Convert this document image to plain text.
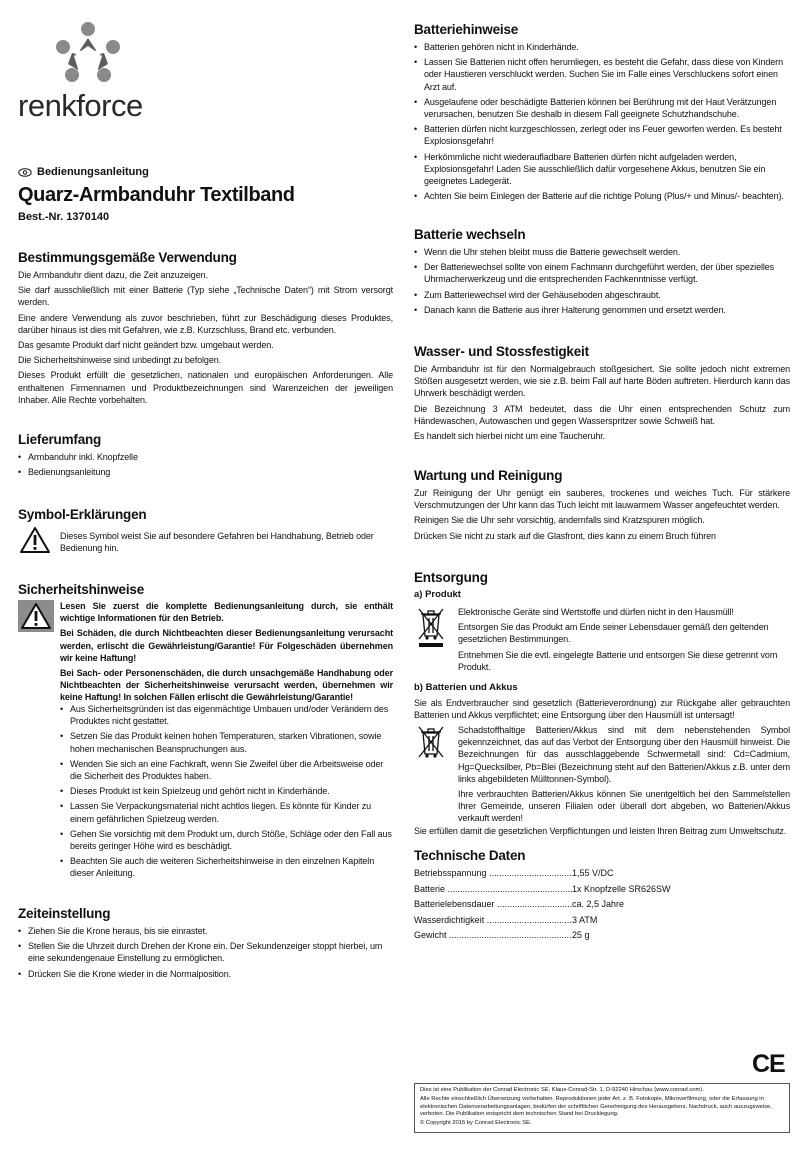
renkforce
Bedienungsanleitung
Quarz-Armbanduhr Textilband
Best.-Nr. 1370140
Bestimmungsgemäße Verwendung

Die Armbanduhr dient dazu, die Zeit anzuzeigen.

Sie darf ausschließlich mit einer Batterie (Typ siehe „Technische Daten“) mit Strom versorgt werden.

Eine andere Verwendung als zuvor beschrieben, führt zur Beschädigung dieses Produktes, darüber hinaus ist dies mit Gefahren, wie z.B. Kurzschluss, Brand etc. verbunden.

Das gesamte Produkt darf nicht geändert bzw. umgebaut werden.

Die Sicherheitshinweise sind unbedingt zu befolgen.

Dieses Produkt erfüllt die gesetzlichen, nationalen und europäischen Anforderungen. Alle enthaltenen Firmennamen und Produktbezeichnungen sind Warenzeichen der jeweiligen Inhaber. Alle Rechte vorbehalten.

Lieferumfang
• Armbanduhr inkl. Knopfzelle
• Bedienungsanleitung
Symbol-Erklärungen
Dieses Symbol weist Sie auf besondere Gefahren bei Handhabung, Betrieb oder Bedienung hin.
Sicherheitshinweise

Lesen Sie zuerst die komplette Bedienungsanleitung durch, sie enthält wichtige Informationen für den Betrieb.

Bei Schäden, die durch Nichtbeachten dieser Bedienungsanleitung verursacht werden, erlischt die Gewährleistung/Garantie! Für Folgeschäden übernehmen wir keine Haftung!

Bei Sach- oder Personenschäden, die durch unsachgemäße Handhabung oder Nichtbeachten der Sicherheitshinweise verursacht werden, übernehmen wir keine Haftung! In solchen Fällen erlischt die Gewährleistung/Garantie!

• Aus Sicherheitsgründen ist das eigenmächtige Umbauen und/oder Verändern des Produktes nicht gestattet.
• Setzen Sie das Produkt keinen hohen Temperaturen, starken Vibrationen, sowie hohen mechanischen Beanspruchungen aus.
• Wenden Sie sich an eine Fachkraft, wenn Sie Zweifel über die Arbeitsweise oder die Sicherheit des Produktes haben.
• Dieses Produkt ist kein Spielzeug und gehört nicht in Kinderhände.
• Lassen Sie Verpackungsmaterial nicht achtlos liegen. Es könnte für Kinder zu einem gefährlichen Spielzeug werden.
• Gehen Sie vorsichtig mit dem Produkt um, durch Stöße, Schläge oder den Fall aus bereits geringer Höhe wird es beschädigt.
• Beachten Sie auch die weiteren Sicherheitshinweise in den einzelnen Kapiteln dieser Anleitung.
Zeiteinstellung
• Ziehen Sie die Krone heraus, bis sie einrastet.
• Stellen Sie die Uhrzeit durch Drehen der Krone ein. Der Sekundenzeiger stoppt hierbei, um eine sekundengenaue Einstellung zu ermöglichen.
• Drücken Sie die Krone wieder in die Normalposition.
Batteriehinweise
• Batterien gehören nicht in Kinderhände.
• Lassen Sie Batterien nicht offen herumliegen, es besteht die Gefahr, dass diese von Kindern oder Haustieren verschluckt werden. Suchen Sie im Falle eines Verschluckens sofort einen Arzt auf.
• Ausgelaufene oder beschädigte Batterien können bei Berührung mit der Haut Verätzungen verursachen, benutzen Sie deshalb in diesem Fall geeignete Schutzhandschuhe.
• Batterien dürfen nicht kurzgeschlossen, zerlegt oder ins Feuer geworfen werden. Es besteht Explosionsgefahr!
• Herkömmliche nicht wiederaufladbare Batterien dürfen nicht aufgeladen werden, Explosionsgefahr! Laden Sie ausschließlich dafür vorgesehene Akkus, benutzen Sie ein geeignetes Ladegerät.
• Achten Sie beim Einlegen der Batterie auf die richtige Polung (Plus/+ und Minus/- beachten).
Batterie wechseln
• Wenn die Uhr stehen bleibt muss die Batterie gewechselt werden.
• Der Batteriewechsel sollte von einem Fachmann durchgeführt werden, der über spezielles Uhrmacherwerkzeug und die entsprechenden Fachkenntnisse verfügt.
• Zum Batteriewechsel wird der Gehäuseboden abgeschraubt.
• Danach kann die Batterie aus ihrer Halterung genommen und ersetzt werden.
Wasser- und Stossfestigkeit

Die Armbanduhr ist für den Normalgebrauch stoßgesichert. Sie sollte jedoch nicht extremen Stößen ausgesetzt werden, wie sie z.B. beim Fall auf harte Böden auftreten. Hierdurch kann das Uhrwerk beschädigt werden.

Die Bezeichnung 3 ATM bedeutet, dass die Uhr einen entsprechenden Schutz zum Händewaschen, Autowaschen und gegen Wasserspritzer sowie Schweiß hat.

Es handelt sich hierbei nicht um eine Taucheruhr.

Wartung und Reinigung

Zur Reinigung der Uhr genügt ein sauberes, trockenes und weiches Tuch. Für stärkere Verschmutzungen der Uhr kann das Tuch leicht mit lauwarmem Wasser angefeuchtet werden.

Reinigen Sie die Uhr sehr vorsichtig, andernfalls sind Kratzspuren möglich.

Drücken Sie nicht zu stark auf die Glasfront, dies kann zu einem Bruch führen

Entsorgung
a) Produkt

Elektronische Geräte sind Wertstoffe und dürfen nicht in den Hausmüll!

Entsorgen Sie das Produkt am Ende seiner Lebensdauer gemäß den geltenden gesetzlichen Bestimmungen.

Entnehmen Sie die evtl. eingelegte Batterie und entsorgen Sie diese getrennt vom Produkt.

b) Batterien und Akkus
Sie als Endverbraucher sind gesetzlich (Batterieverordnung) zur Rückgabe aller gebrauchten Batterien und Akkus verpflichtet; eine Entsorgung über den Hausmüll ist untersagt!

Schadstoffhaltige Batterien/Akkus sind mit dem nebenstehenden Symbol gekennzeichnet, das auf das Verbot der Entsorgung über den Hausmüll hinweist. Die Bezeichnungen für das ausschlaggebende Schwermetall sind: Cd=Cadmium, Hg=Quecksilber, Pb=Blei (Bezeichnung steht auf den Batterien/Akkus z.B. unter dem links abgebildeten Mülltonnen-Symbol).

Ihre verbrauchten Batterien/Akkus können Sie unentgeltlich bei den Sammelstellen Ihrer Gemeinde, unseren Filialen oder überall dort abgeben, wo Batterien/Akkus verkauft werden!

Sie erfüllen damit die gesetzlichen Verpflichtungen und leisten Ihren Beitrag zum Umweltschutz.
Technische Daten
Betriebsspannung .....	1,55 V/DC
Batterie .....	1x Knopfzelle SR626SW
Batterielebensdauer .....	ca. 2,5 Jahre
Wasserdichtigkeit .....	3 ATM
Gewicht .....	25 g
CE

Dies ist eine Publikation der Conrad Electronic SE, Klaus-Conrad-Str. 1, D-92240 Hirschau (www.conrad.com).

Alle Rechte einschließlich Übersetzung vorbehalten. Reproduktionen jeder Art, z. B. Fotokopie, Mikroverfilmung, oder die Erfassung in elektronischen Datenverarbeitungsanlagen, bedürfen der schriftlichen Genehmigung des Herausgebers. Nachdruck, auch auszugsweise, verboten. Die Publikation entspricht dem technischen Stand bei Drucklegung.

© Copyright 2015 by Conrad Electronic SE.
